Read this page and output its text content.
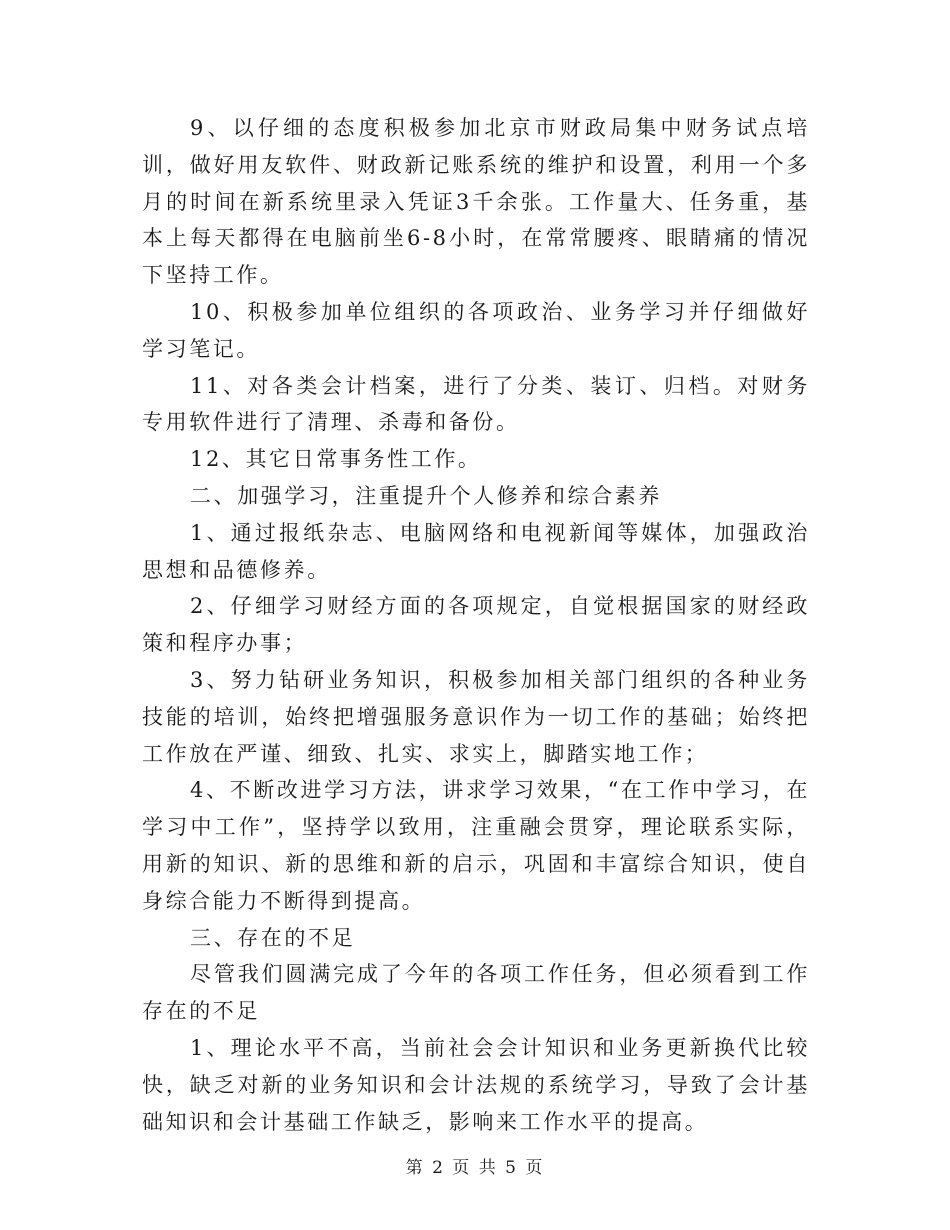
9、以仔细的态度积极参加北京市财政局集中财务试点培训，做好用友软件、财政新记账系统的维护和设置，利用一个多月的时间在新系统里录入凭证3千余张。工作量大、任务重，基本上每天都得在电脑前坐6-8小时，在常常腰疼、眼睛痛的情况下坚持工作。

10、积极参加单位组织的各项政治、业务学习并仔细做好学习笔记。

11、对各类会计档案，进行了分类、装订、归档。对财务专用软件进行了清理、杀毒和备份。

12、其它日常事务性工作。

二、加强学习，注重提升个人修养和综合素养

1、通过报纸杂志、电脑网络和电视新闻等媒体，加强政治思想和品德修养。

2、仔细学习财经方面的各项规定，自觉根据国家的财经政策和程序办事；

3、努力钻研业务知识，积极参加相关部门组织的各种业务技能的培训，始终把增强服务意识作为一切工作的基础；始终把工作放在严谨、细致、扎实、求实上，脚踏实地工作；

4、不断改进学习方法，讲求学习效果，“在工作中学习，在学习中工作”，坚持学以致用，注重融会贯穿，理论联系实际，用新的知识、新的思维和新的启示，巩固和丰富综合知识，使自身综合能力不断得到提高。

三、存在的不足

尽管我们圆满完成了今年的各项工作任务，但必须看到工作存在的不足

1、理论水平不高，当前社会会计知识和业务更新换代比较快，缺乏对新的业务知识和会计法规的系统学习，导致了会计基础知识和会计基础工作缺乏，影响来工作水平的提高。

第 2 页 共 5 页
